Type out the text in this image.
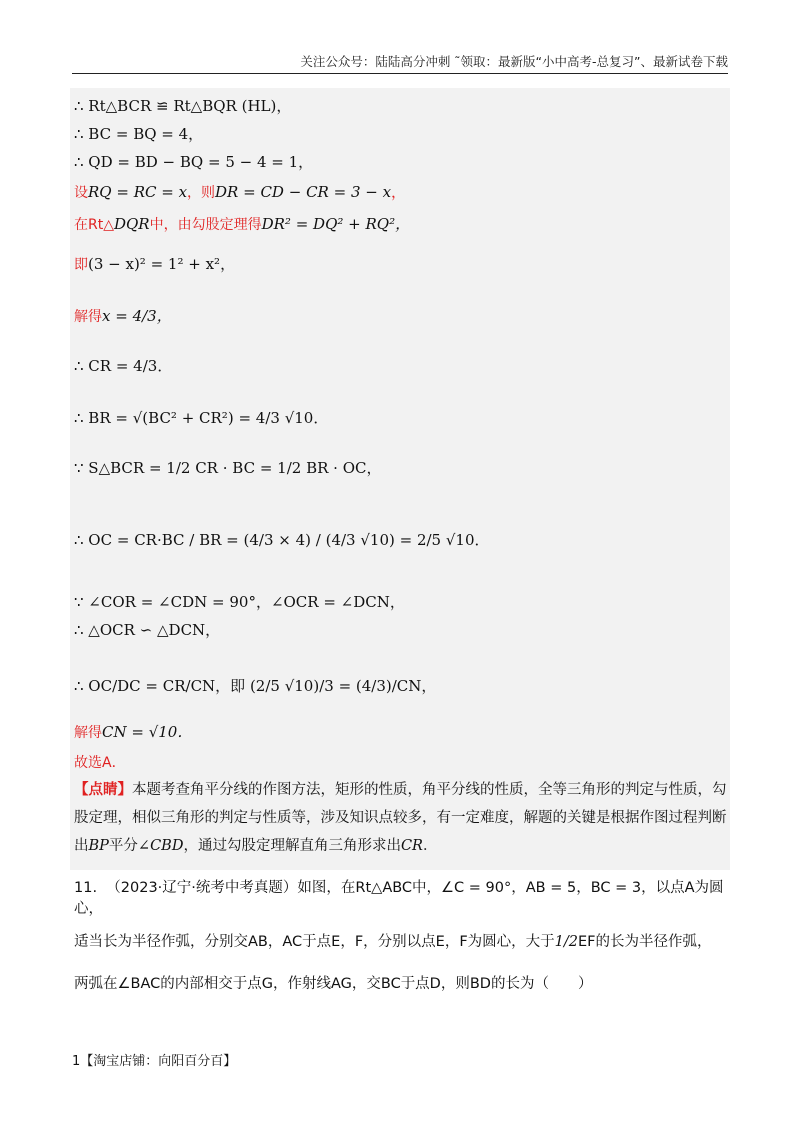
关注公众号：陆陆高分冲刺 ˜领取：最新版“小中高考-总复习”、最新试卷下载
∴ Rt△BCR ≌ Rt△BQR (HL)，
∴ BC = BQ = 4，
∴ QD = BD − BQ = 5 − 4 = 1，
设RQ = RC = x，则DR = CD − CR = 3 − x，
在Rt△DQR中，由勾股定理得DR² = DQ² + RQ²，
即(3 − x)² = 1² + x²，
解得x = 4/3，
∴ CR = 4/3．
∴ BR = √(BC² + CR²) = 4/3 √10．
∵ S△BCR = 1/2 CR · BC = 1/2 BR · OC，
∴ OC = CR·BC / BR = (4/3 × 4) / (4/3 √10) = 2/5 √10．
∵ ∠COR = ∠CDN = 90°，∠OCR = ∠DCN，
∴ △OCR ∽ △DCN，
∴ OC/DC = CR/CN，即 (2/5 √10)/3 = (4/3)/CN，
解得CN = √10．
故选A．
【点睛】本题考查角平分线的作图方法，矩形的性质，角平分线的性质，全等三角形的判定与性质，勾股定理，相似三角形的判定与性质等，涉及知识点较多，有一定难度，解题的关键是根据作图过程判断出BP平分∠CBD，通过勾股定理解直角三角形求出CR．
11. （2023·辽宁·统考中考真题）如图，在Rt△ABC中，∠C = 90°，AB = 5，BC = 3，以点A为圆心，
适当长为半径作弧，分别交AB，AC于点E，F，分别以点E，F为圆心，大于1/2EF的长为半径作弧，
两弧在∠BAC的内部相交于点G，作射线AG，交BC于点D，则BD的长为（　　）
1【淘宝店铺：向阳百分百】
